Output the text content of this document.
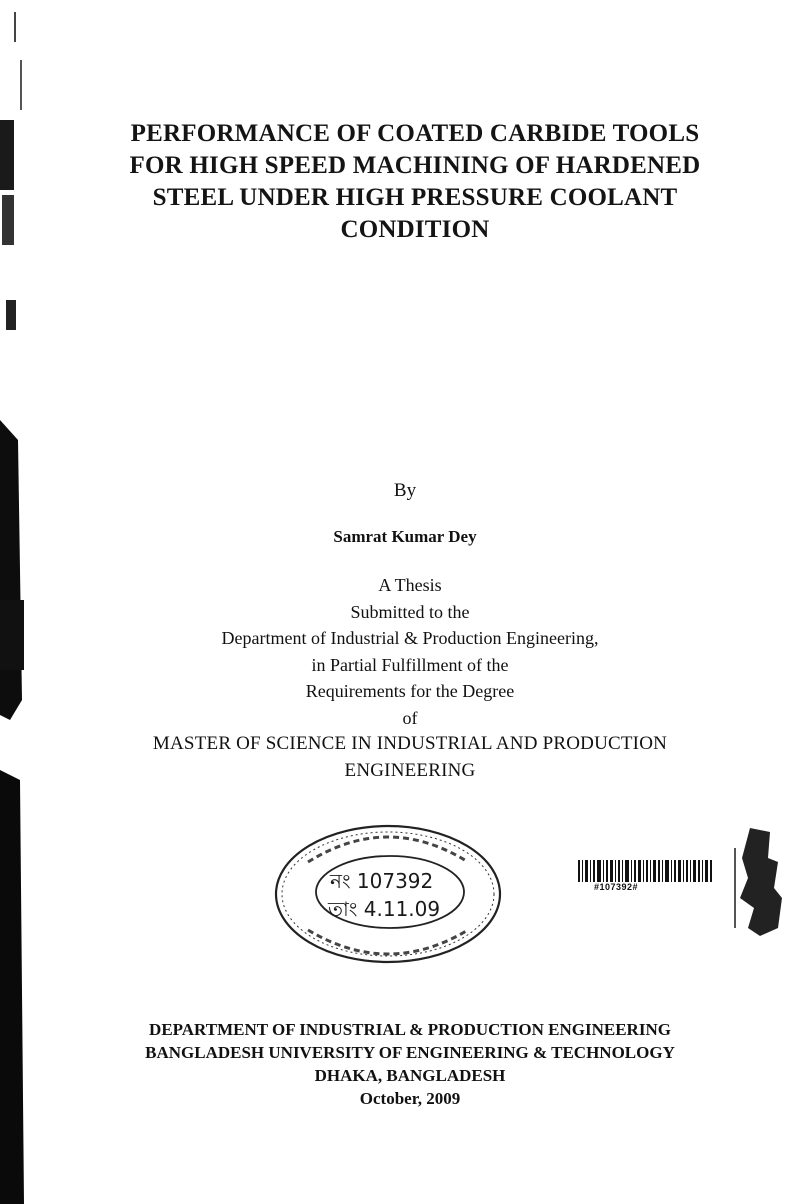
PERFORMANCE OF COATED CARBIDE TOOLS
FOR HIGH SPEED MACHINING OF HARDENED
STEEL UNDER HIGH PRESSURE COOLANT
CONDITION
By
Samrat Kumar Dey
A Thesis
Submitted to the
Department of Industrial & Production Engineering,
in Partial Fulfillment of the
Requirements for the Degree
of
MASTER OF SCIENCE IN INDUSTRIAL AND PRODUCTION
ENGINEERING
নং 107392
তাং 4.11.09
#107392#
DEPARTMENT OF INDUSTRIAL & PRODUCTION ENGINEERING
BANGLADESH UNIVERSITY OF ENGINEERING & TECHNOLOGY
DHAKA, BANGLADESH
October, 2009
